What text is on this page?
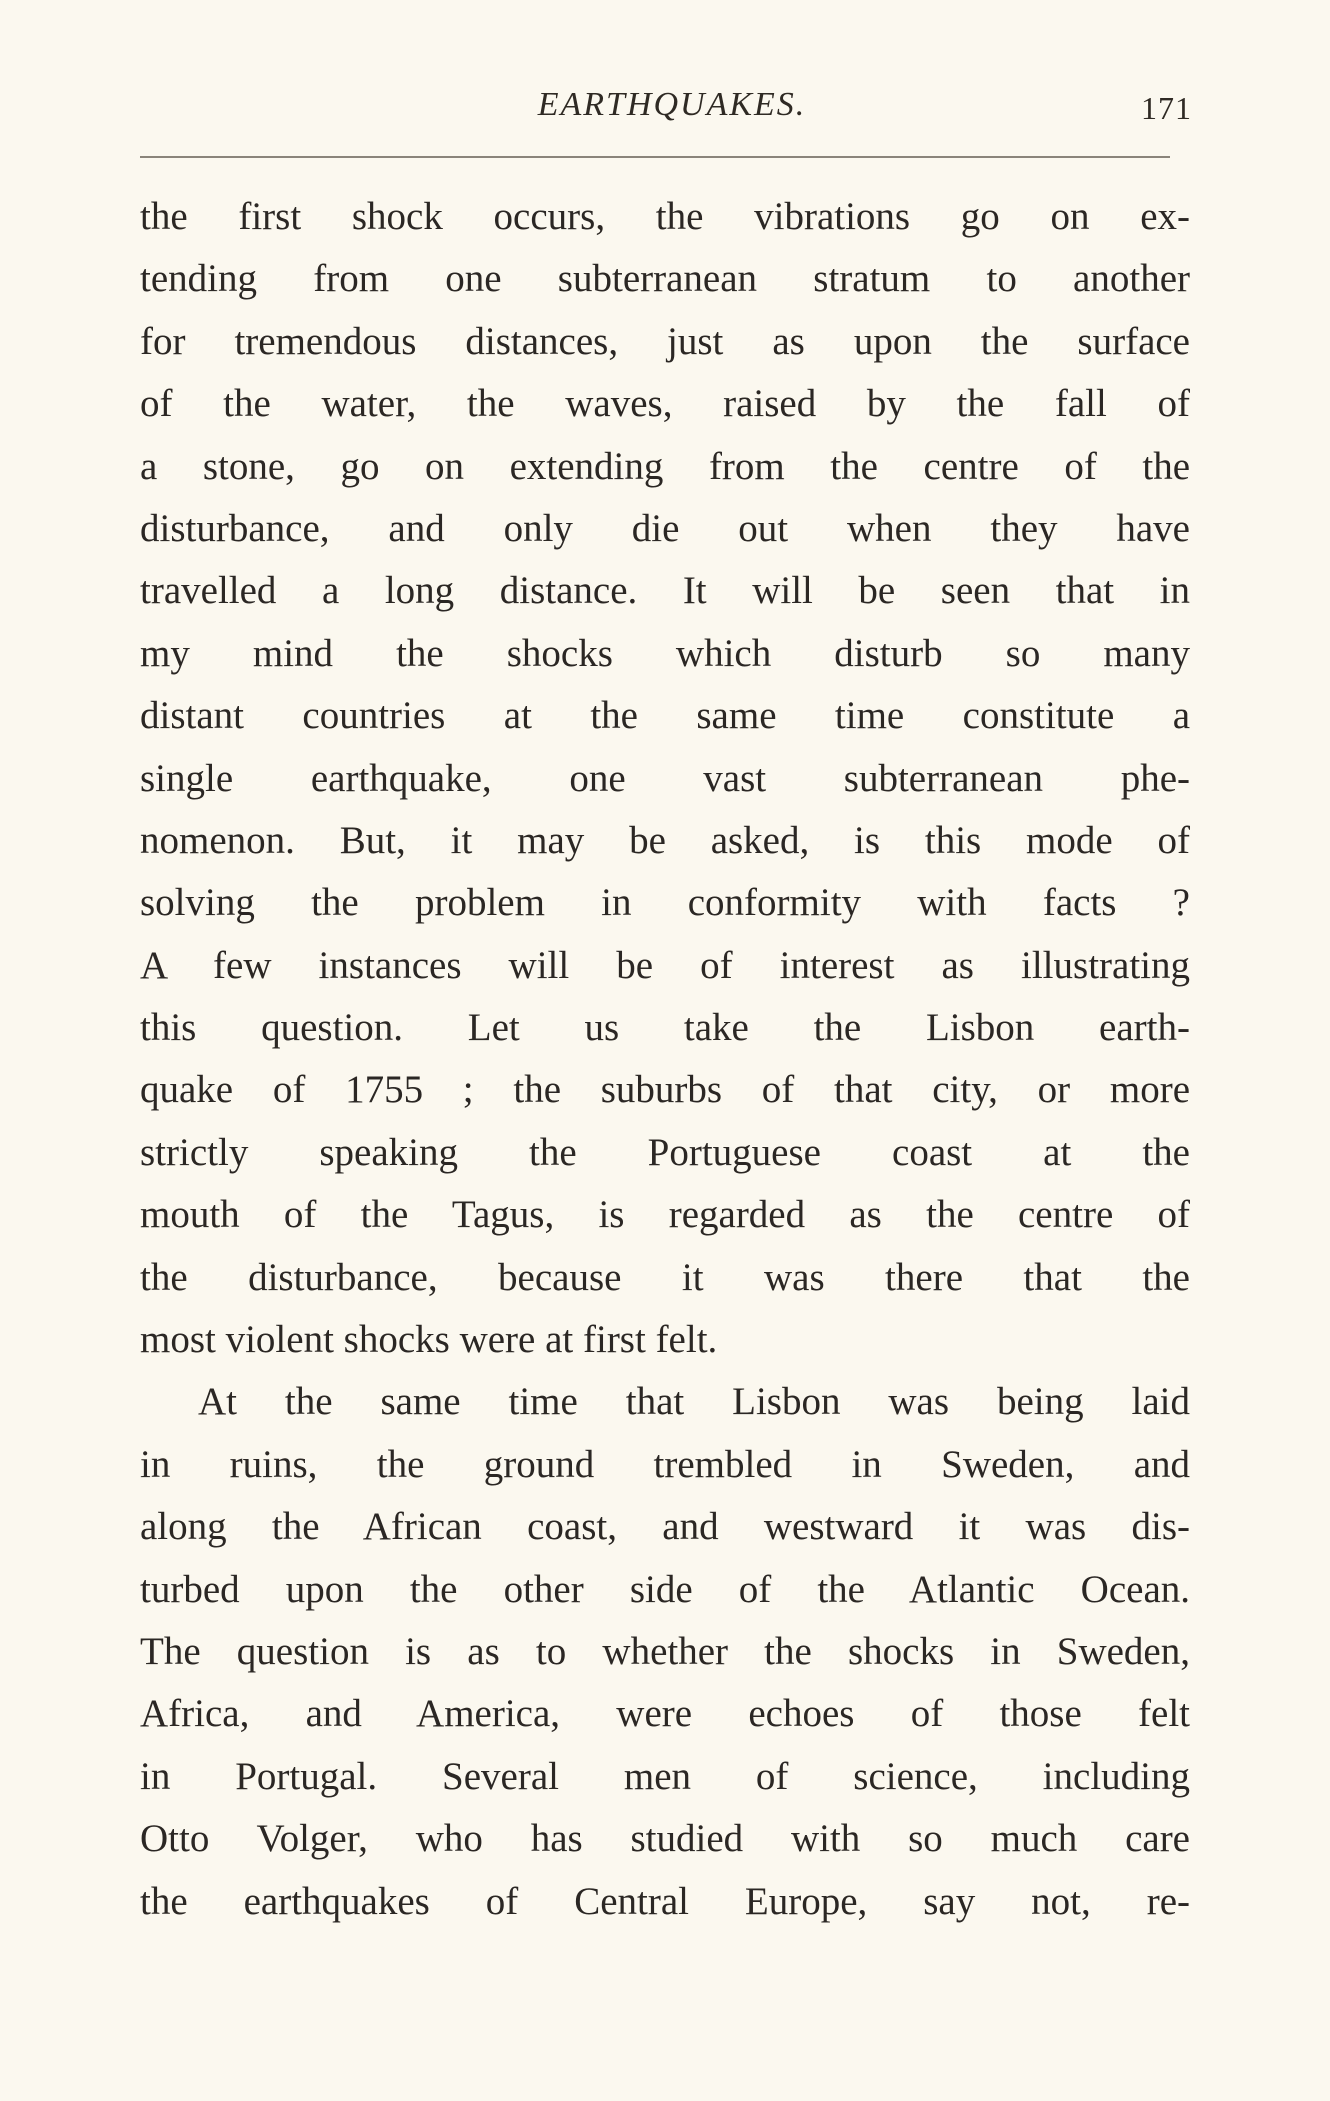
EARTHQUAKES.	171
the first shock occurs, the vibrations go on ex-
tending from one subterranean stratum to another
for tremendous distances, just as upon the surface
of the water, the waves, raised by the fall of
a stone, go on extending from the centre of the
disturbance, and only die out when they have
travelled a long distance. It will be seen that in
my mind the shocks which disturb so many
distant countries at the same time constitute a
single earthquake, one vast subterranean phe-
nomenon. But, it may be asked, is this mode of
solving the problem in conformity with facts ?
A few instances will be of interest as illustrating
this question. Let us take the Lisbon earth-
quake of 1755 ; the suburbs of that city, or more
strictly speaking the Portuguese coast at the
mouth of the Tagus, is regarded as the centre of
the disturbance, because it was there that the
most violent shocks were at first felt.
At the same time that Lisbon was being laid
in ruins, the ground trembled in Sweden, and
along the African coast, and westward it was dis-
turbed upon the other side of the Atlantic Ocean.
The question is as to whether the shocks in Sweden,
Africa, and America, were echoes of those felt
in Portugal. Several men of science, including
Otto Volger, who has studied with so much care
the earthquakes of Central Europe, say not, re-
